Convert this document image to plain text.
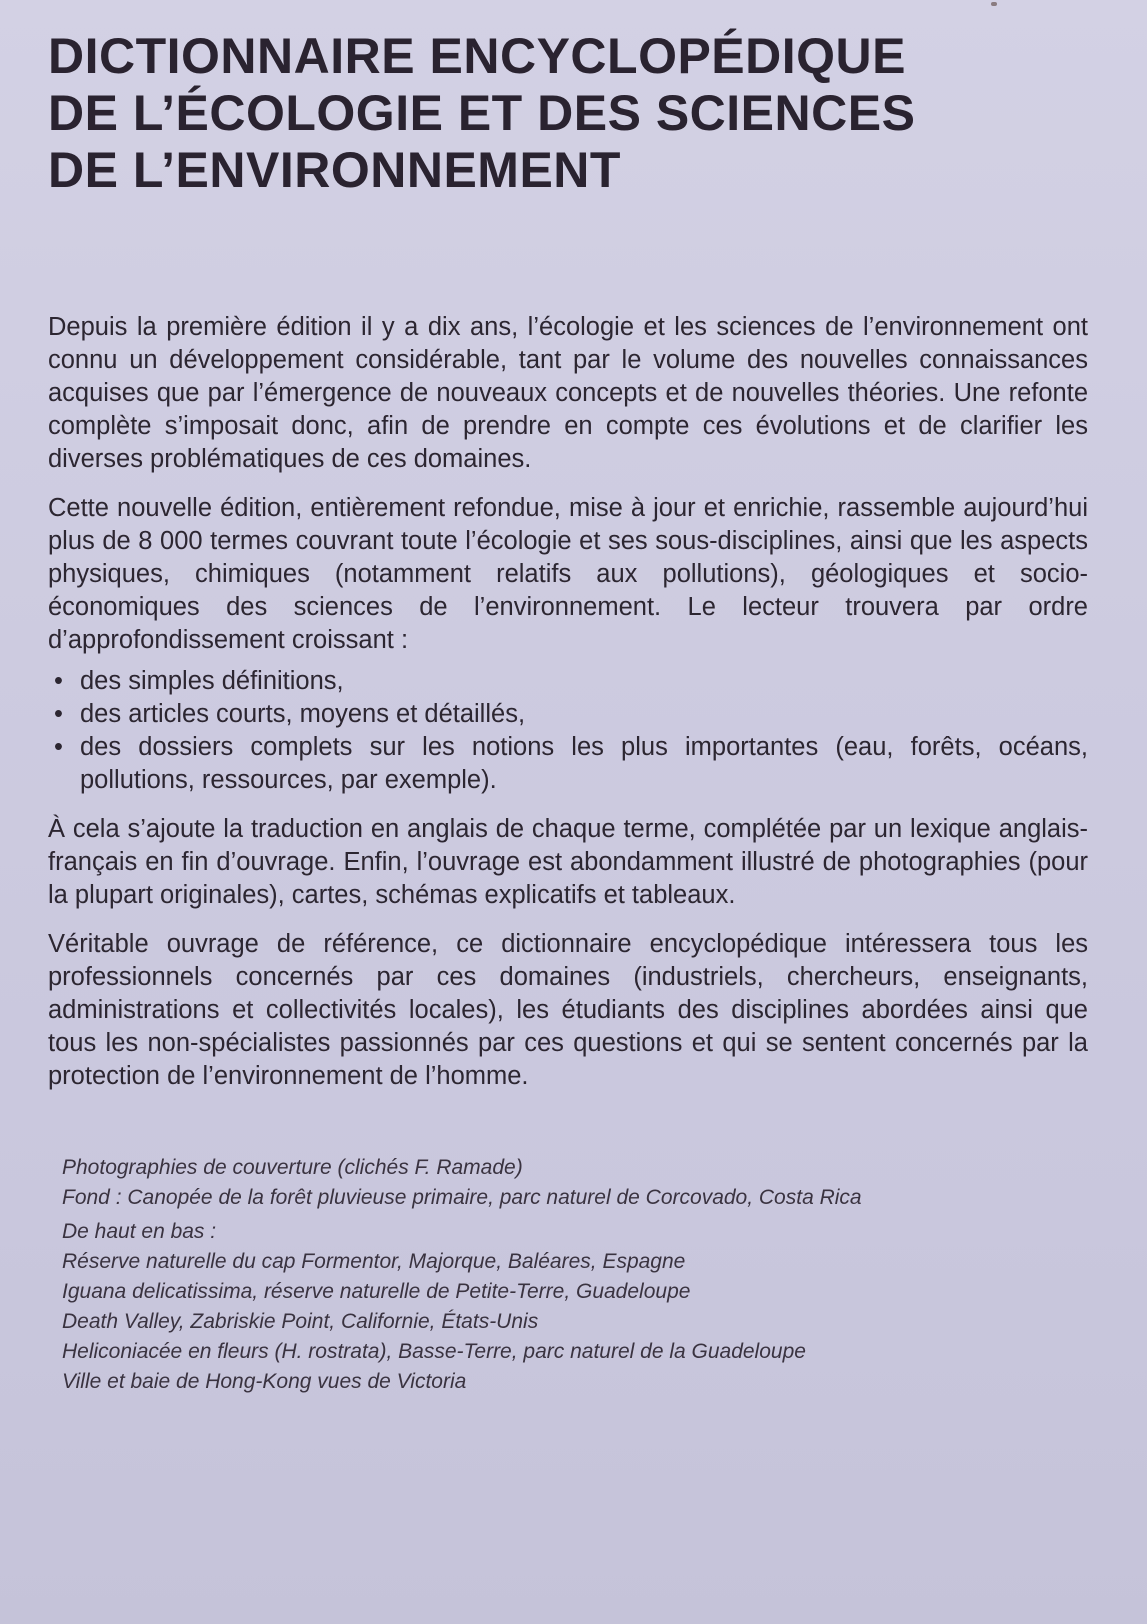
DICTIONNAIRE ENCYCLOPÉDIQUE
DE L’ÉCOLOGIE ET DES SCIENCES
DE L’ENVIRONNEMENT

Depuis la première édition il y a dix ans, l’écologie et les sciences de l’environnement ont connu un développement considérable, tant par le volume des nouvelles connaissances acquises que par l’émergence de nouveaux concepts et de nouvelles théories. Une refonte complète s’imposait donc, afin de prendre en compte ces évolutions et de clarifier les diverses problématiques de ces domaines.

Cette nouvelle édition, entièrement refondue, mise à jour et enrichie, rassemble aujourd’hui plus de 8 000 termes couvrant toute l’écologie et ses sous-disciplines, ainsi que les aspects physiques, chimiques (notamment relatifs aux pollutions), géologiques et socio-économiques des sciences de l’environnement. Le lecteur trouvera par ordre d’approfondissement croissant :

• des simples définitions,
• des articles courts, moyens et détaillés,
• des dossiers complets sur les notions les plus importantes (eau, forêts, océans, pollutions, ressources, par exemple).

À cela s’ajoute la traduction en anglais de chaque terme, complétée par un lexique anglais-français en fin d’ouvrage. Enfin, l’ouvrage est abondamment illustré de photographies (pour la plupart originales), cartes, schémas explicatifs et tableaux.

Véritable ouvrage de référence, ce dictionnaire encyclopédique intéressera tous les professionnels concernés par ces domaines (industriels, chercheurs, enseignants, administrations et collectivités locales), les étudiants des disciplines abordées ainsi que tous les non-spécialistes passionnés par ces questions et qui se sentent concernés par la protection de l’environnement de l’homme.

Photographies de couverture (clichés F. Ramade)
Fond : Canopée de la forêt pluvieuse primaire, parc naturel de Corcovado, Costa Rica
De haut en bas :
Réserve naturelle du cap Formentor, Majorque, Baléares, Espagne
Iguana delicatissima, réserve naturelle de Petite-Terre, Guadeloupe
Death Valley, Zabriskie Point, Californie, États-Unis
Heliconiacée en fleurs (H. rostrata), Basse-Terre, parc naturel de la Guadeloupe
Ville et baie de Hong-Kong vues de Victoria
